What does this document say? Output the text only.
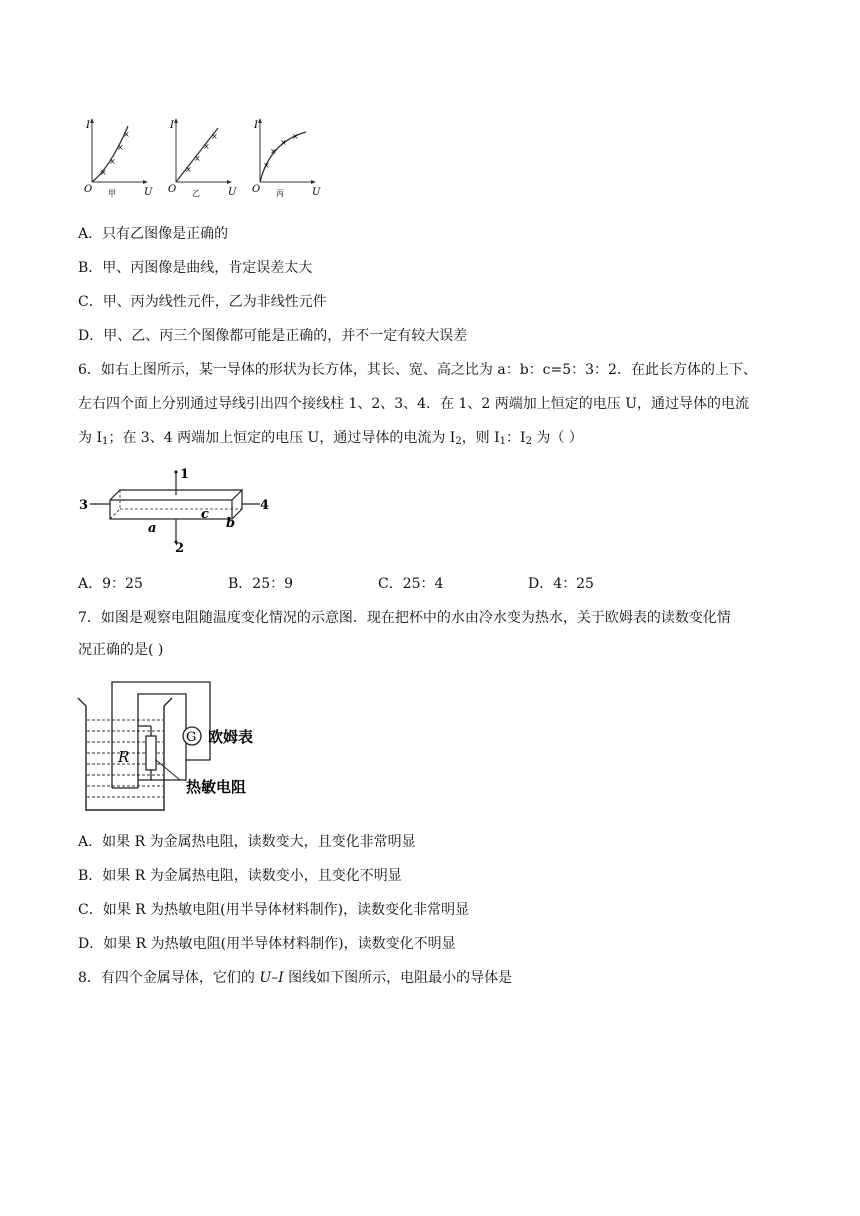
×
×
×
×
I
U
O 甲
×
×
×
×
I
U
O 乙
×
×
×
×
I
U
O 丙
A．只有乙图像是正确的
B．甲、丙图像是曲线，肯定误差太大
C．甲、丙为线性元件，乙为非线性元件
D．甲、乙、丙三个图像都可能是正确的，并不一定有较大误差
6．如右上图所示，某一导体的形状为长方体，其长、宽、高之比为 a：b：c=5：3：2．在此长方体的上下、
左右四个面上分别通过导线引出四个接线柱 1、2、3、4．在 1、2 两端加上恒定的电压 U，通过导体的电流
为 $I_1$；在 3、4 两端加上恒定的电压 U，通过导体的电流为 $I_2$，则 $I_1$：$I_2$ 为（ ）
1
2
3	4
a	b
c
A．9：25	B．25：9	C．25：4	D．4：25
7．如图是观察电阻随温度变化情况的示意图．现在把杯中的水由冷水变为热水，关于欧姆表的读数变化情
况正确的是( )
G 欧姆表
R
热敏电阻
A．如果 R 为金属热电阻，读数变大，且变化非常明显
B．如果 R 为金属热电阻，读数变小，且变化不明显
C．如果 R 为热敏电阻(用半导体材料制作)，读数变化非常明显
D．如果 R 为热敏电阻(用半导体材料制作)，读数变化不明显
8．有四个金属导体，它们的 U–I 图线如下图所示，电阻最小的导体是
